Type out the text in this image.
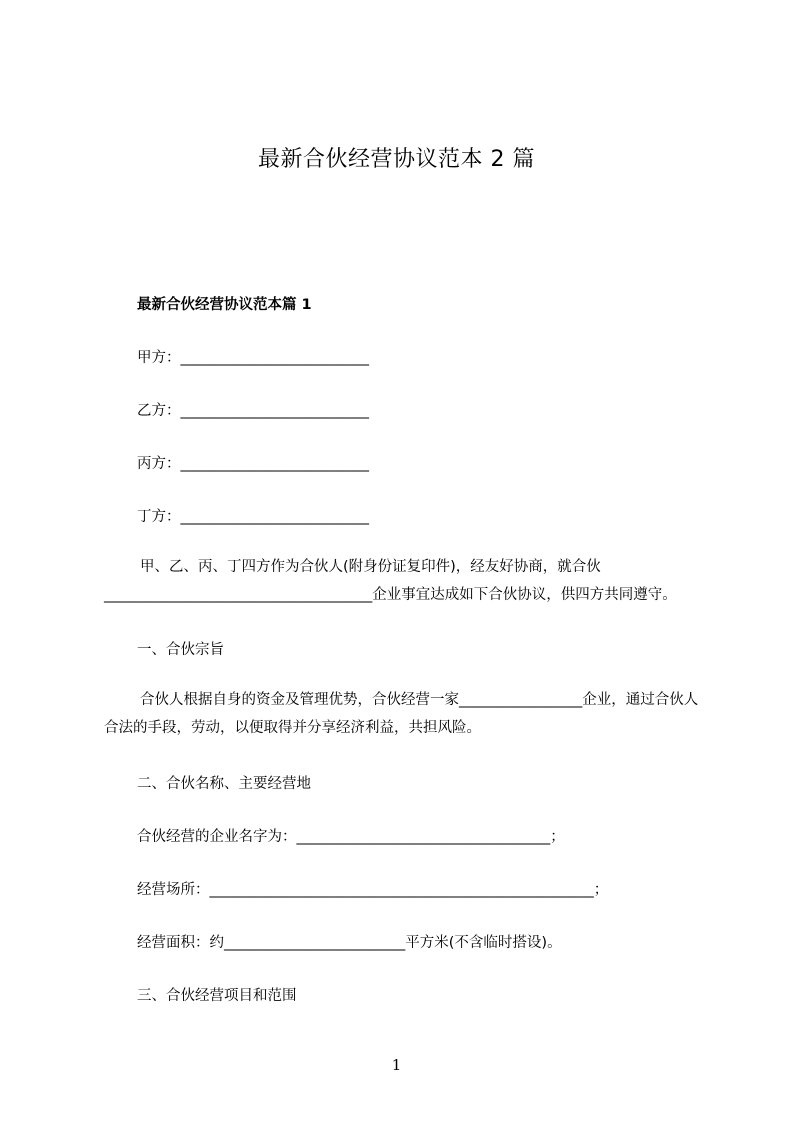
最新合伙经营协议范本 2 篇
最新合伙经营协议范本篇 1
甲方：__________________________
乙方：__________________________
丙方：__________________________
丁方：__________________________
甲、乙、丙、丁四方作为合伙人(附身份证复印件)，经友好协商，就合伙_____________________________________企业事宜达成如下合伙协议，供四方共同遵守。
一、合伙宗旨
合伙人根据自身的资金及管理优势，合伙经营一家_________________企业，通过合伙人合法的手段，劳动，以便取得并分享经济利益，共担风险。
二、合伙名称、主要经营地
合伙经营的企业名字为：___________________________________；
经营场所：_____________________________________________________；
经营面积：约_________________________平方米(不含临时搭设)。
三、合伙经营项目和范围
1
